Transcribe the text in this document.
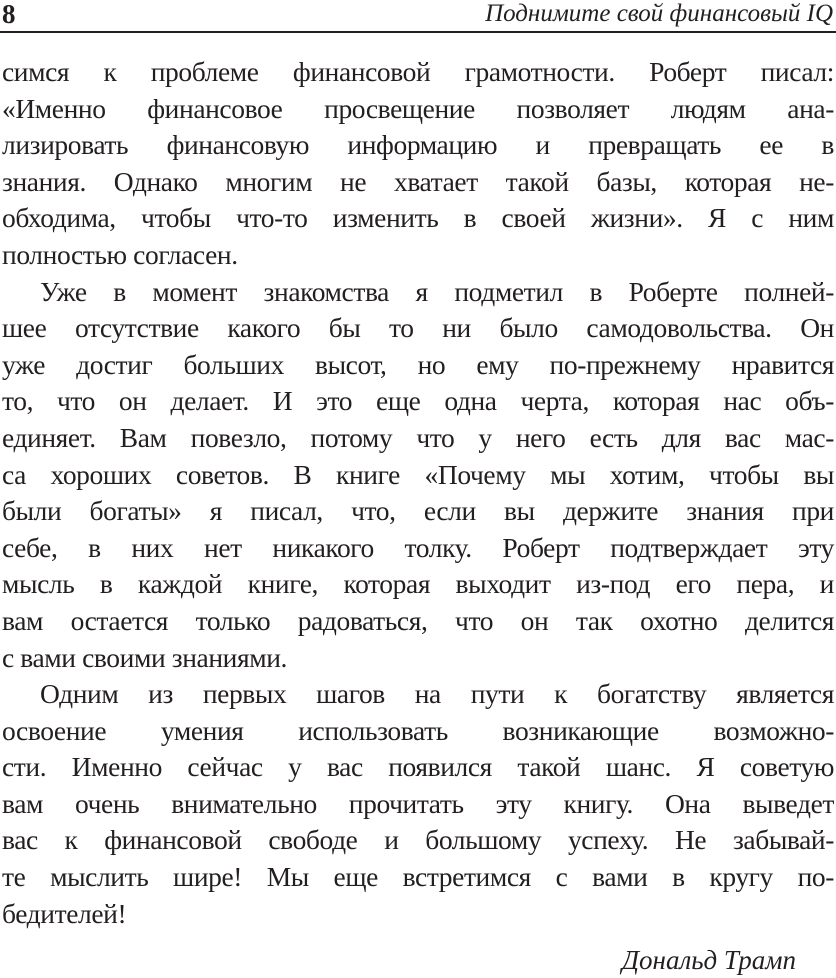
8	Поднимите свой финансовый IQ
симся к проблеме финансовой грамотности. Роберт писал:
«Именно финансовое просвещение позволяет людям ана-
лизировать финансовую информацию и превращать ее в
знания. Однако многим не хватает такой базы, которая не-
обходима, чтобы что-то изменить в своей жизни». Я с ним
полностью согласен.
Уже в момент знакомства я подметил в Роберте полней-
шее отсутствие какого бы то ни было самодовольства. Он
уже достиг больших высот, но ему по-прежнему нравится
то, что он делает. И это еще одна черта, которая нас объ-
единяет. Вам повезло, потому что у него есть для вас мас-
са хороших советов. В книге «Почему мы хотим, чтобы вы
были богаты» я писал, что, если вы держите знания при
себе, в них нет никакого толку. Роберт подтверждает эту
мысль в каждой книге, которая выходит из-под его пера, и
вам остается только радоваться, что он так охотно делится
с вами своими знаниями.
Одним из первых шагов на пути к богатству является
освоение умения использовать возникающие возможно-
сти. Именно сейчас у вас появился такой шанс. Я советую
вам очень внимательно прочитать эту книгу. Она выведет
вас к финансовой свободе и большому успеху. Не забывай-
те мыслить шире! Мы еще встретимся с вами в кругу по-
бедителей!
Дональд Трамп
